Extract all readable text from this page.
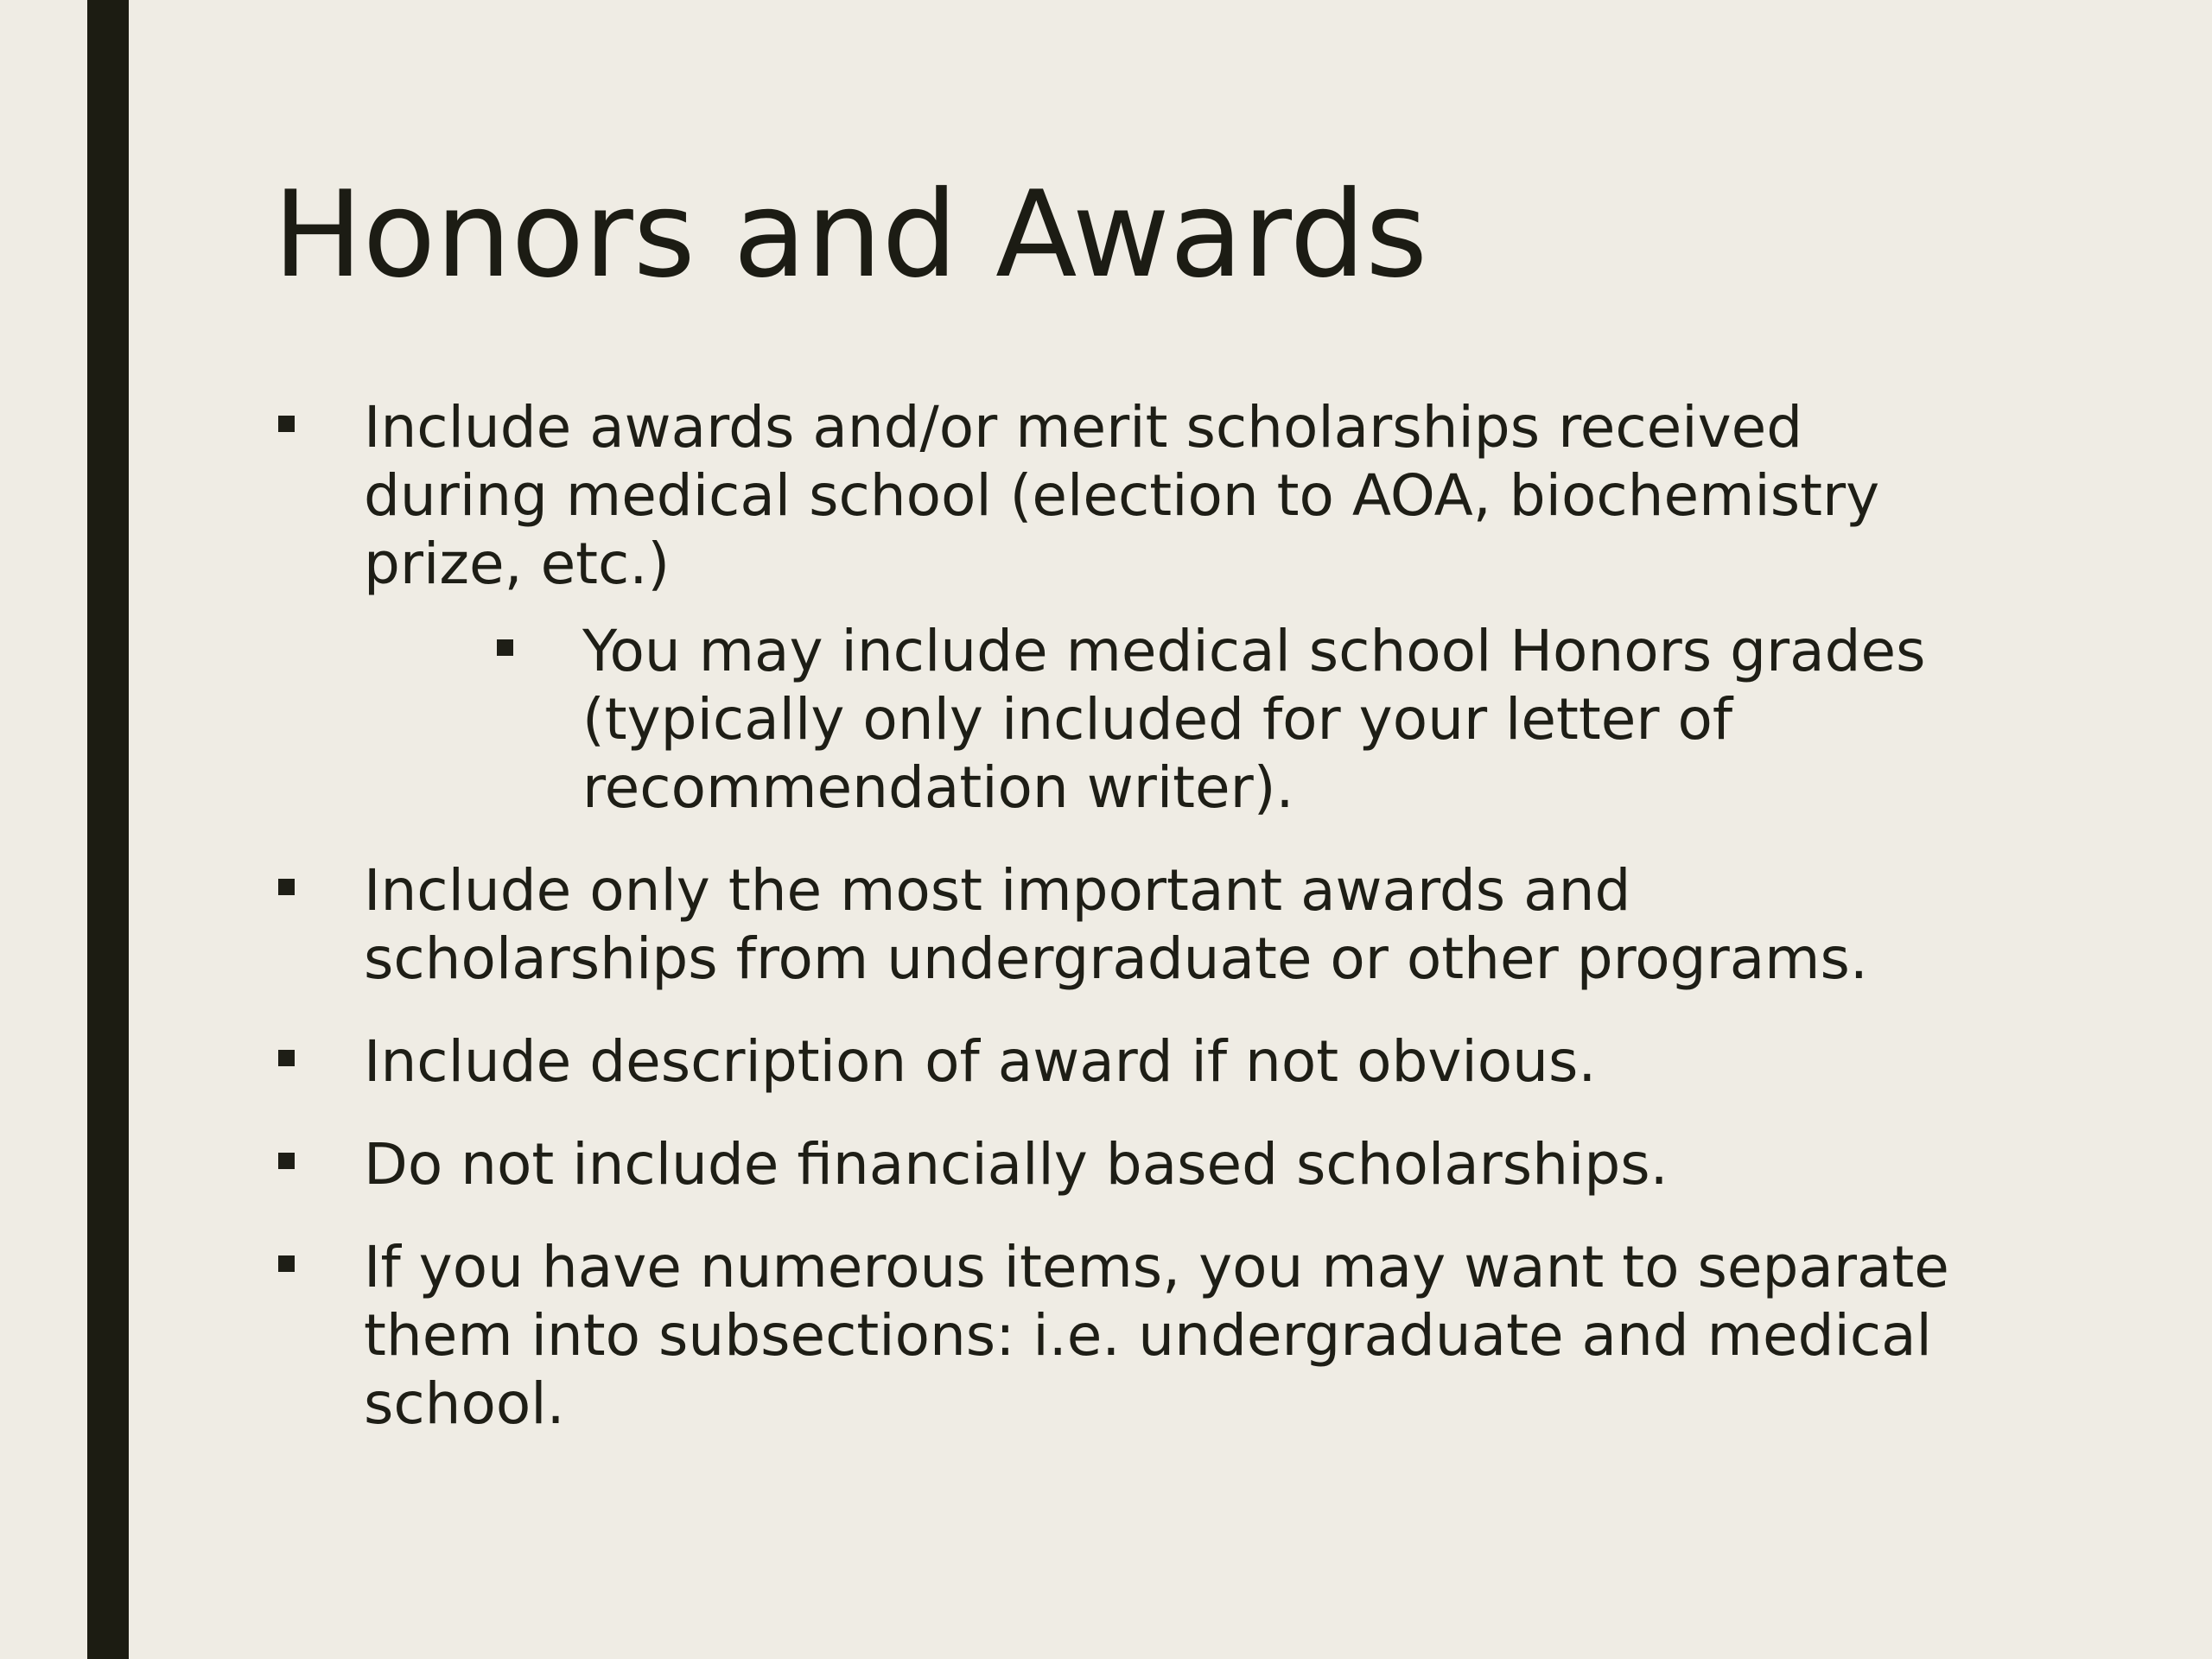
Honors and Awards
Include awards and/or merit scholarships received during medical school (election to AOA, biochemistry prize, etc.)
You may include medical school Honors grades (typically only included for your letter of recommendation writer).
Include only the most important awards and scholarships from undergraduate or other programs.
Include description of award if not obvious.
Do not include financially based scholarships.
If you have numerous items, you may want to separate them into subsections: i.e. undergraduate and medical school.
